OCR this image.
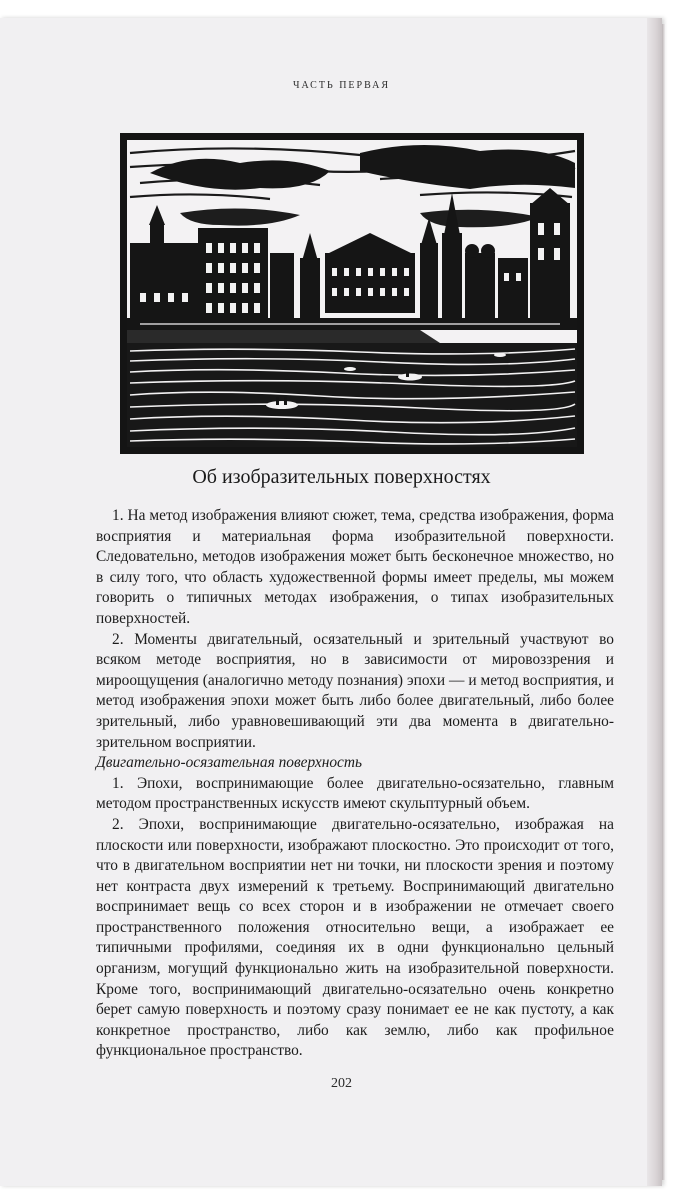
ЧАСТЬ ПЕРВАЯ
Об изобразительных поверхностях

1. На метод изображения влияют сюжет, тема, средства изображения, форма восприятия и материальная форма изобразительной поверхности. Следовательно, методов изображения может быть бесконечное множество, но в силу того, что область художественной формы имеет пределы, мы можем говорить о типичных методах изображения, о типах изобразительных поверхностей.

2. Моменты двигательный, осязательный и зрительный участвуют во всяком методе восприятия, но в зависимости от мировоззрения и мироощущения (аналогично методу познания) эпохи — и метод восприятия, и метод изображения эпохи может быть либо более двигательный, либо более зрительный, либо уравновешивающий эти два момента в двигательно-зрительном восприятии.

Двигательно-осязательная поверхность

1. Эпохи, воспринимающие более двигательно-осязательно, главным методом пространственных искусств имеют скульптурный объем.

2. Эпохи, воспринимающие двигательно-осязательно, изображая на плоскости или поверхности, изображают плоскостно. Это происходит от того, что в двигательном восприятии нет ни точки, ни плоскости зрения и поэтому нет контраста двух измерений к третьему. Воспринимающий двигательно воспринимает вещь со всех сторон и в изображении не отмечает своего пространственного положения относительно вещи, а изображает ее типичными профилями, соединяя их в одни функционально цельный организм, могущий функционально жить на изобразительной поверхности. Кроме того, воспринимающий двигательно-осязательно очень конкретно берет самую поверхность и поэтому сразу понимает ее не как пустоту, а как конкретное пространство, либо как землю, либо как профильное функциональное пространство.

202
